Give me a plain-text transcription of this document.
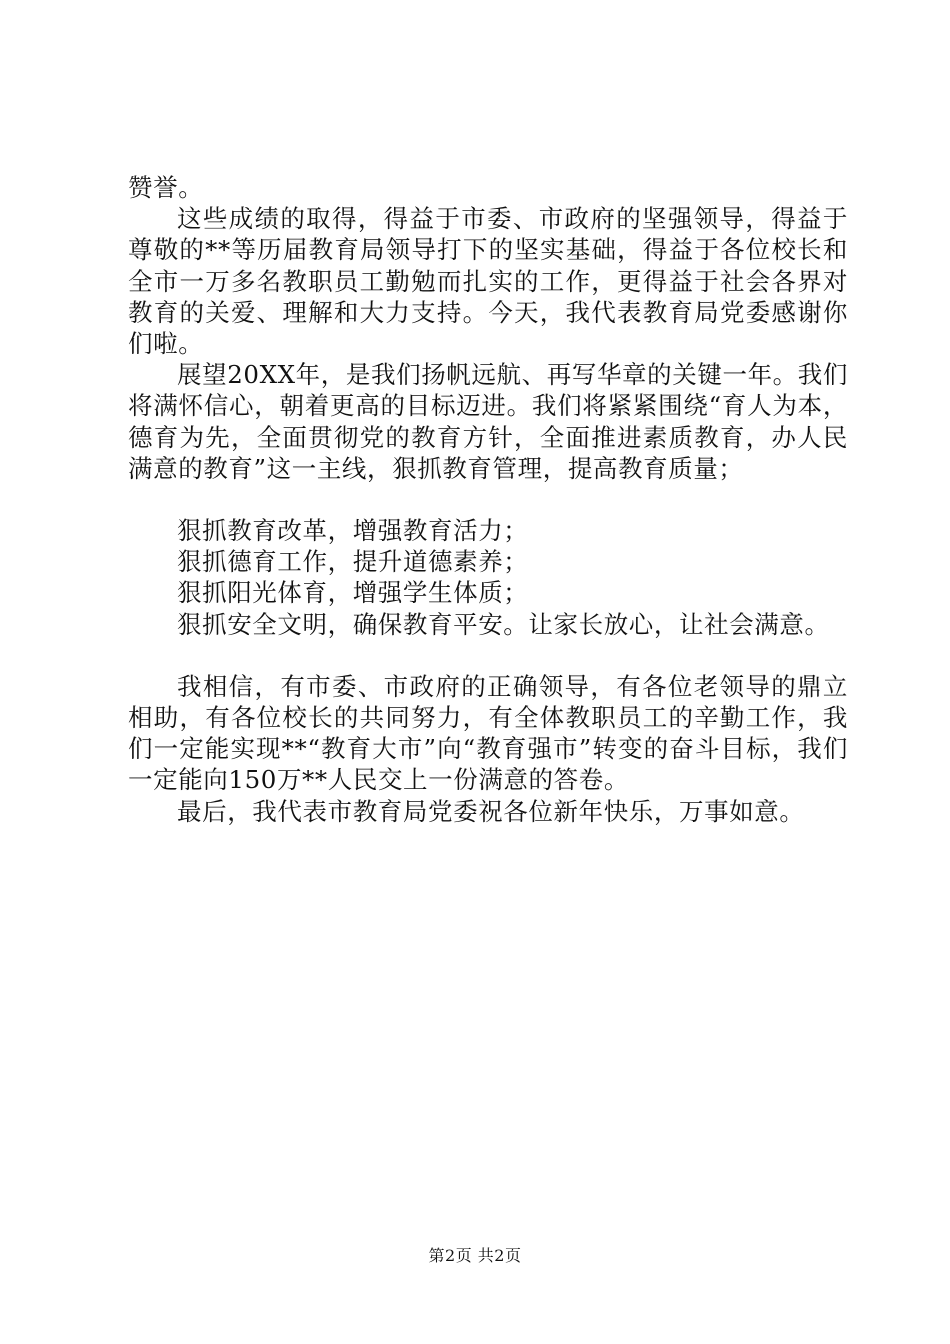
赞誉。

这些成绩的取得，得益于市委、市政府的坚强领导，得益于尊敬的**等历届教育局领导打下的坚实基础，得益于各位校长和全市一万多名教职员工勤勉而扎实的工作，更得益于社会各界对教育的关爱、理解和大力支持。今天，我代表教育局党委感谢你们啦。

展望20XX年，是我们扬帆远航、再写华章的关键一年。我们将满怀信心，朝着更高的目标迈进。我们将紧紧围绕“育人为本，德育为先，全面贯彻党的教育方针，全面推进素质教育，办人民满意的教育”这一主线，狠抓教育管理，提高教育质量；

狠抓教育改革，增强教育活力；

狠抓德育工作，提升道德素养；

狠抓阳光体育，增强学生体质；

狠抓安全文明，确保教育平安。让家长放心，让社会满意。

我相信，有市委、市政府的正确领导，有各位老领导的鼎立相助，有各位校长的共同努力，有全体教职员工的辛勤工作，我们一定能实现**“教育大市”向“教育强市”转变的奋斗目标，我们一定能向150万**人民交上一份满意的答卷。

最后，我代表市教育局党委祝各位新年快乐，万事如意。

第2页 共2页
